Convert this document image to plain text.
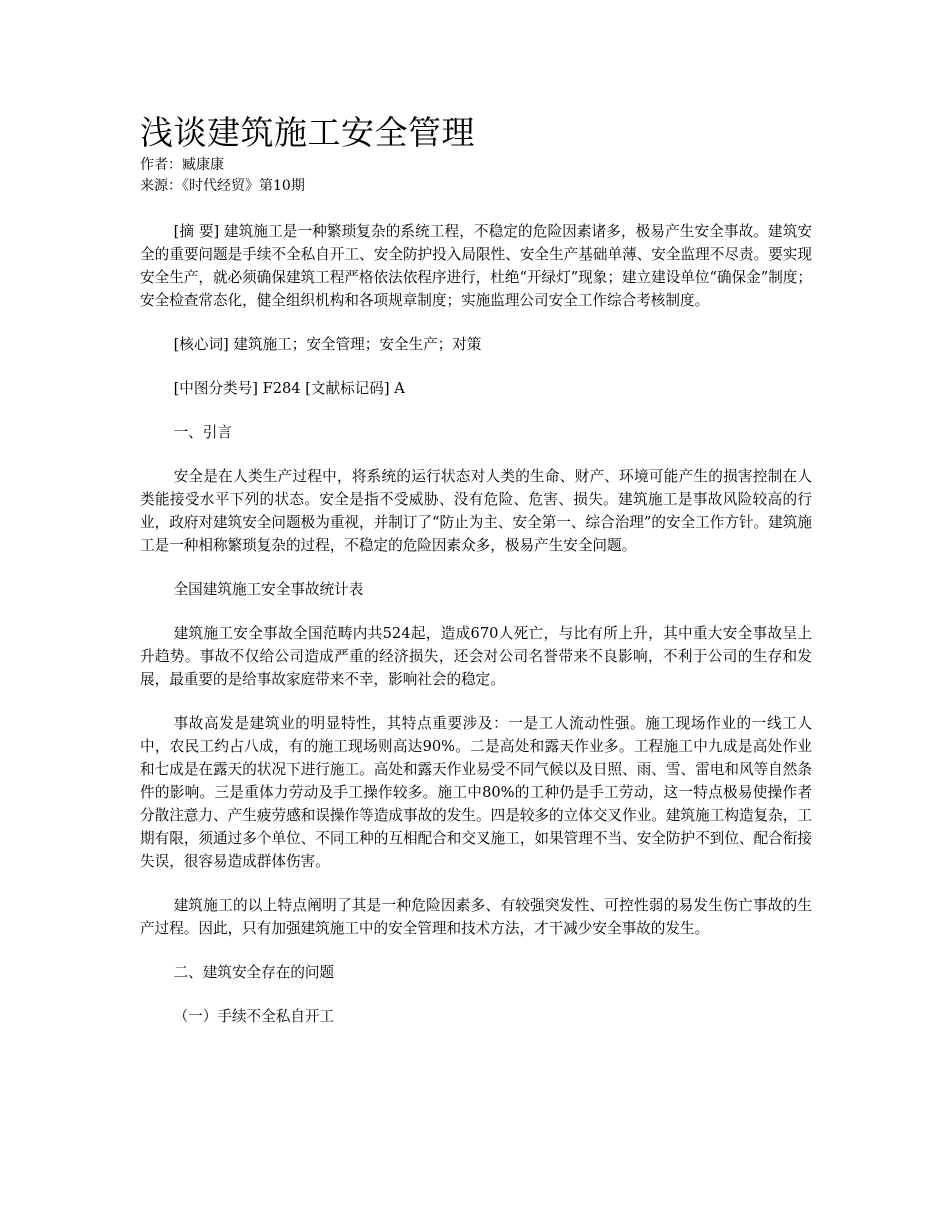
浅谈建筑施工安全管理

作者：臧康康

来源：《时代经贸》第10期

[摘 要] 建筑施工是一种繁琐复杂的系统工程，不稳定的危险因素诸多，极易产生安全事故。建筑安全的重要问题是手续不全私自开工、安全防护投入局限性、安全生产基础单薄、安全监理不尽责。要实现安全生产，就必须确保建筑工程严格依法依程序进行，杜绝“开绿灯”现象；建立建设单位“确保金”制度；安全检查常态化，健全组织机构和各项规章制度；实施监理公司安全工作综合考核制度。

[核心词] 建筑施工；安全管理；安全生产；对策

[中图分类号] F284 [文献标记码] A

一、引言

安全是在人类生产过程中，将系统的运行状态对人类的生命、财产、环境可能产生的损害控制在人类能接受水平下列的状态。安全是指不受威胁、没有危险、危害、损失。建筑施工是事故风险较高的行业，政府对建筑安全问题极为重视，并制订了“防止为主、安全第一、综合治理”的安全工作方针。建筑施工是一种相称繁琐复杂的过程，不稳定的危险因素众多，极易产生安全问题。

全国建筑施工安全事故统计表

建筑施工安全事故全国范畴内共524起，造成670人死亡，与比有所上升，其中重大安全事故呈上升趋势。事故不仅给公司造成严重的经济损失，还会对公司名誉带来不良影响，不利于公司的生存和发展，最重要的是给事故家庭带来不幸，影响社会的稳定。

事故高发是建筑业的明显特性，其特点重要涉及：一是工人流动性强。施工现场作业的一线工人中，农民工约占八成，有的施工现场则高达90%。二是高处和露天作业多。工程施工中九成是高处作业和七成是在露天的状况下进行施工。高处和露天作业易受不同气候以及日照、雨、雪、雷电和风等自然条件的影响。三是重体力劳动及手工操作较多。施工中80%的工种仍是手工劳动，这一特点极易使操作者分散注意力、产生疲劳感和误操作等造成事故的发生。四是较多的立体交叉作业。建筑施工构造复杂，工期有限，须通过多个单位、不同工种的互相配合和交叉施工，如果管理不当、安全防护不到位、配合衔接失误，很容易造成群体伤害。

建筑施工的以上特点阐明了其是一种危险因素多、有较强突发性、可控性弱的易发生伤亡事故的生产过程。因此，只有加强建筑施工中的安全管理和技术方法，才干减少安全事故的发生。

二、建筑安全存在的问题

（一）手续不全私自开工
